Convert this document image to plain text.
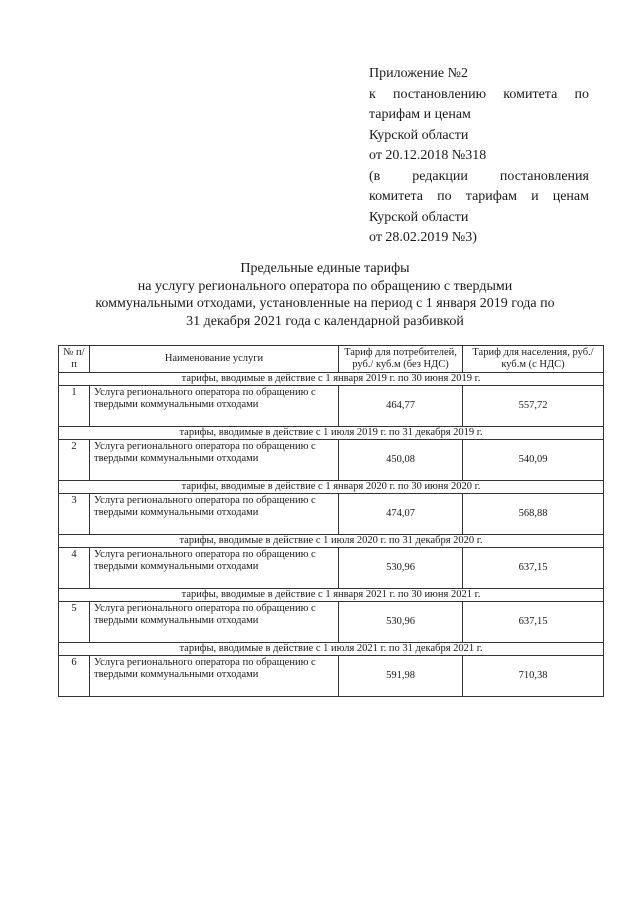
Приложение №2
к постановлению комитета по
тарифам и ценам
Курской области
от 20.12.2018 №318
(в редакции постановления
комитета по тарифам и ценам
Курской области
от 28.02.2019 №3)
Предельные единые тарифы
на услугу регионального оператора по обращению с твердыми
коммунальными отходами, установленные на период с 1 января 2019 года по
31 декабря 2021 года с календарной разбивкой
№ п/п	Наименование услуги	Тариф для потребителей, руб./ куб.м (без НДС)	Тариф для населения, руб./ куб.м (с НДС)
тарифы, вводимые в действие с 1 января 2019 г. по 30 июня 2019 г.			
1	Услуга регионального оператора по обращению с твердыми коммунальными отходами	464,77	557,72
тарифы, вводимые в действие с 1 июля 2019 г. по 31 декабря 2019 г.			
2	Услуга регионального оператора по обращению с твердыми коммунальными отходами	450,08	540,09
тарифы, вводимые в действие с 1 января 2020 г. по 30 июня 2020 г.			
3	Услуга регионального оператора по обращению с твердыми коммунальными отходами	474,07	568,88
тарифы, вводимые в действие с 1 июля 2020 г. по 31 декабря 2020 г.			
4	Услуга регионального оператора по обращению с твердыми коммунальными отходами	530,96	637,15
тарифы, вводимые в действие с 1 января 2021 г. по 30 июня 2021 г.			
5	Услуга регионального оператора по обращению с твердыми коммунальными отходами	530,96	637,15
тарифы, вводимые в действие с 1 июля 2021 г. по 31 декабря 2021 г.			
6	Услуга регионального оператора по обращению с твердыми коммунальными отходами	591,98	710,38
